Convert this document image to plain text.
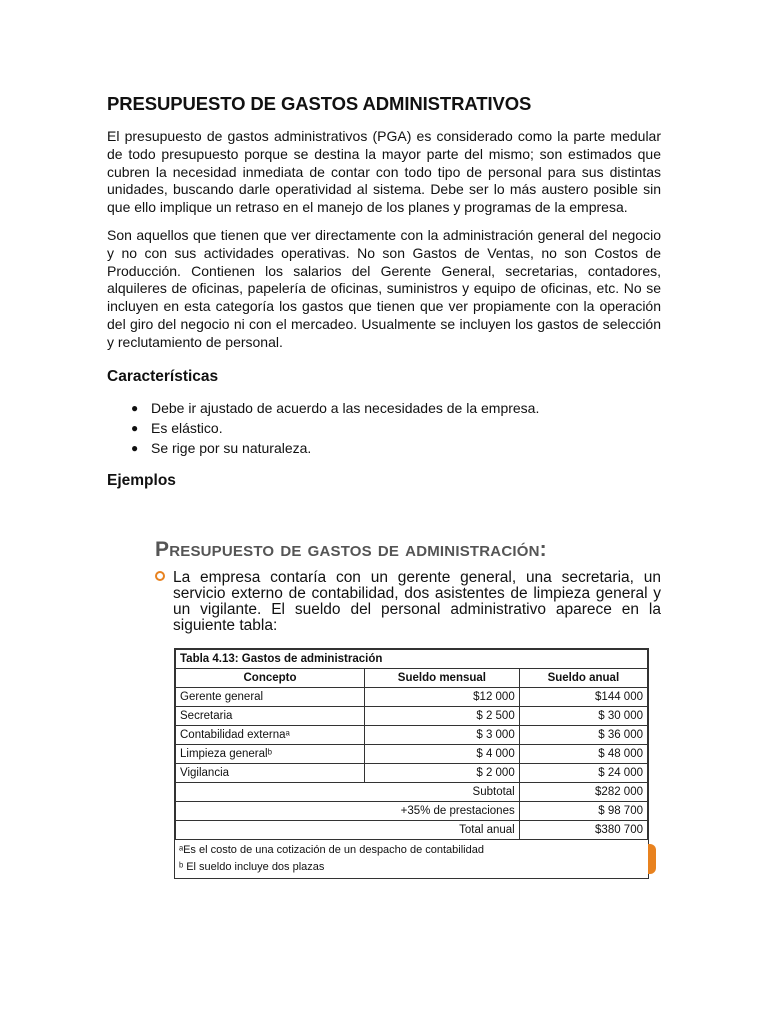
PRESUPUESTO DE GASTOS ADMINISTRATIVOS

El presupuesto de gastos administrativos (PGA) es considerado como la parte medular de todo presupuesto porque se destina la mayor parte del mismo; son estimados que cubren la necesidad inmediata de contar con todo tipo de personal para sus distintas unidades, buscando darle operatividad al sistema. Debe ser lo más austero posible sin que ello implique un retraso en el manejo de los planes y programas de la empresa.

Son aquellos que tienen que ver directamente con la administración general del negocio y no con sus actividades operativas. No son Gastos de Ventas, no son Costos de Producción. Contienen los salarios del Gerente General, secretarias, contadores, alquileres de oficinas, papelería de oficinas, suministros y equipo de oficinas, etc. No se incluyen en esta categoría los gastos que tienen que ver propiamente con la operación del giro del negocio ni con el mercadeo. Usualmente se incluyen los gastos de selección y reclutamiento de personal.

Características
● Debe ir ajustado de acuerdo a las necesidades de la empresa.
● Es elástico.
● Se rige por su naturaleza.
Ejemplos
Presupuesto de gastos de administración:
La empresa contaría con un gerente general, una secretaria, un servicio externo de contabilidad, dos asistentes de limpieza general y un vigilante. El sueldo del personal administrativo aparece en la siguiente tabla:
Tabla 4.13: Gastos de administración		
Concepto	Sueldo mensual	Sueldo anual
Gerente general	$12 000	$144 000
Secretaria	$ 2 500	$ 30 000
Contabilidad externaᵃ	$ 3 000	$ 36 000
Limpieza generalᵇ	$ 4 000	$ 48 000
Vigilancia	$ 2 000	$ 24 000
Subtotal		$282 000
+35% de prestaciones		$ 98 700
Total anual		$380 700
ᵃEs el costo de una cotización de un despacho de contabilidad
ᵇ El sueldo incluye dos plazas
